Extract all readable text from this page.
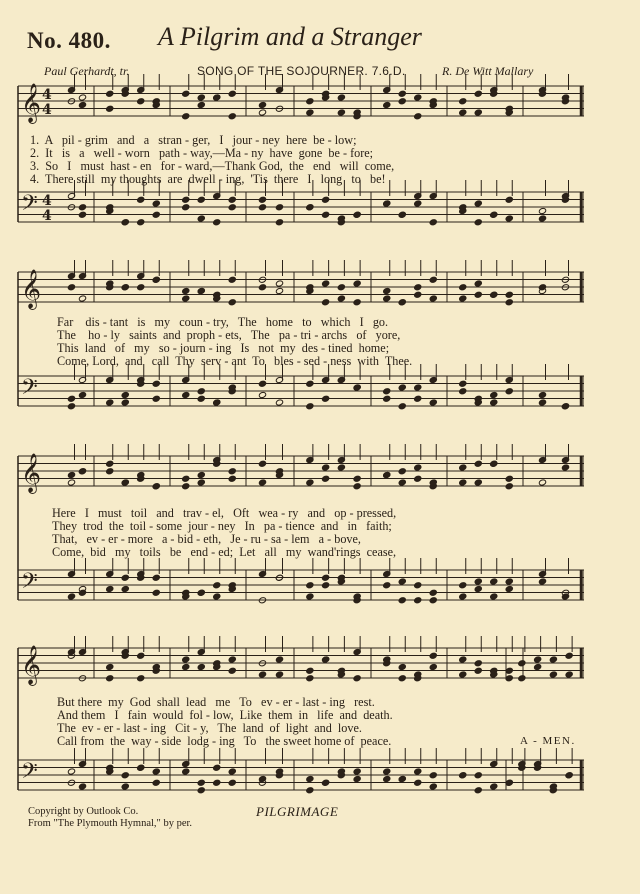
No. 480. A Pilgrim and a Stranger
Paul Gerhardt, tr.	SONG OF THE SOJOURNER. 7.6.D.	R. De Witt Mallary
𝄞
𝄢
4
4
4
4
𝄞
𝄢
𝄞
𝄢
𝄞
𝄢
1.  A   pil - grim   and   a   stran - ger,   I   jour - ney  here  be - low;
2.  It   is   a   well - worn   path - way,—Ma - ny  have  gone  be - fore;
3.  So   I   must  hast - en   for - ward,—Thank God,  the   end   will  come,
4.  There still  my thoughts  are  dwell - ing,  'Tis  there   I   long   to   be!
Far    dis - tant   is   my   coun - try,   The   home   to   which   I   go.
The    ho - ly   saints  and  proph - ets,   The   pa - tri - archs   of   yore,
This  land   of   my   so - journ - ing   Is   not  my  des - tined  home;
Come, Lord,  and   call  Thy  serv - ant  To   bles - sed - ness  with  Thee.
Here   I   must   toil   and   trav - el,   Oft   wea - ry   and   op - pressed,
They  trod  the  toil - some  jour - ney   In   pa - tience  and   in   faith;
That,   ev - er - more   a - bid - eth,   Je - ru - sa - lem   a - bove,
Come,  bid   my   toils   be   end - ed;  Let   all   my  wand'rings  cease,
But there  my  God  shall  lead   me   To   ev - er - last - ing   rest.
And them   I   fain  would  fol - low,  Like  them  in   life  and  death.
The  ev - er - last - ing   Cit - y,   The  land  of  light  and  love.
Call from  the  way - side  lodg - ing   To   the sweet home of  peace.	A - MEN.
Copyright by Outlook Co.
From "The Plymouth Hymnal," by per.
PILGRIMAGE
